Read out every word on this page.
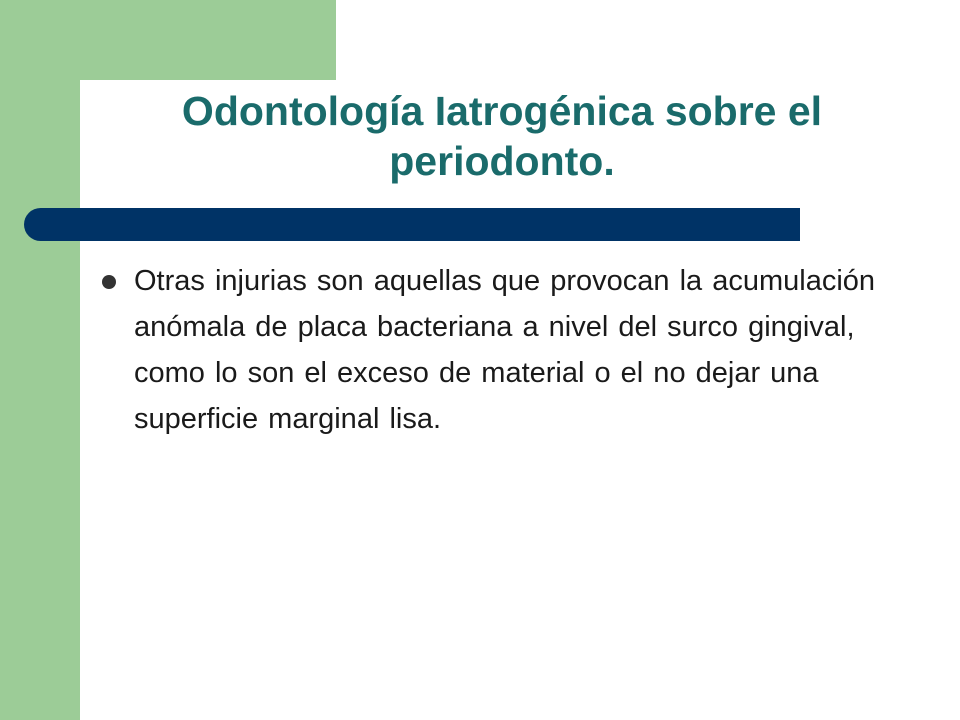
Odontología Iatrogénica sobre el periodonto.
Otras injurias son aquellas que provocan la acumulación anómala de placa bacteriana a nivel del surco gingival, como lo son el exceso de material o el no dejar una superficie marginal lisa.
